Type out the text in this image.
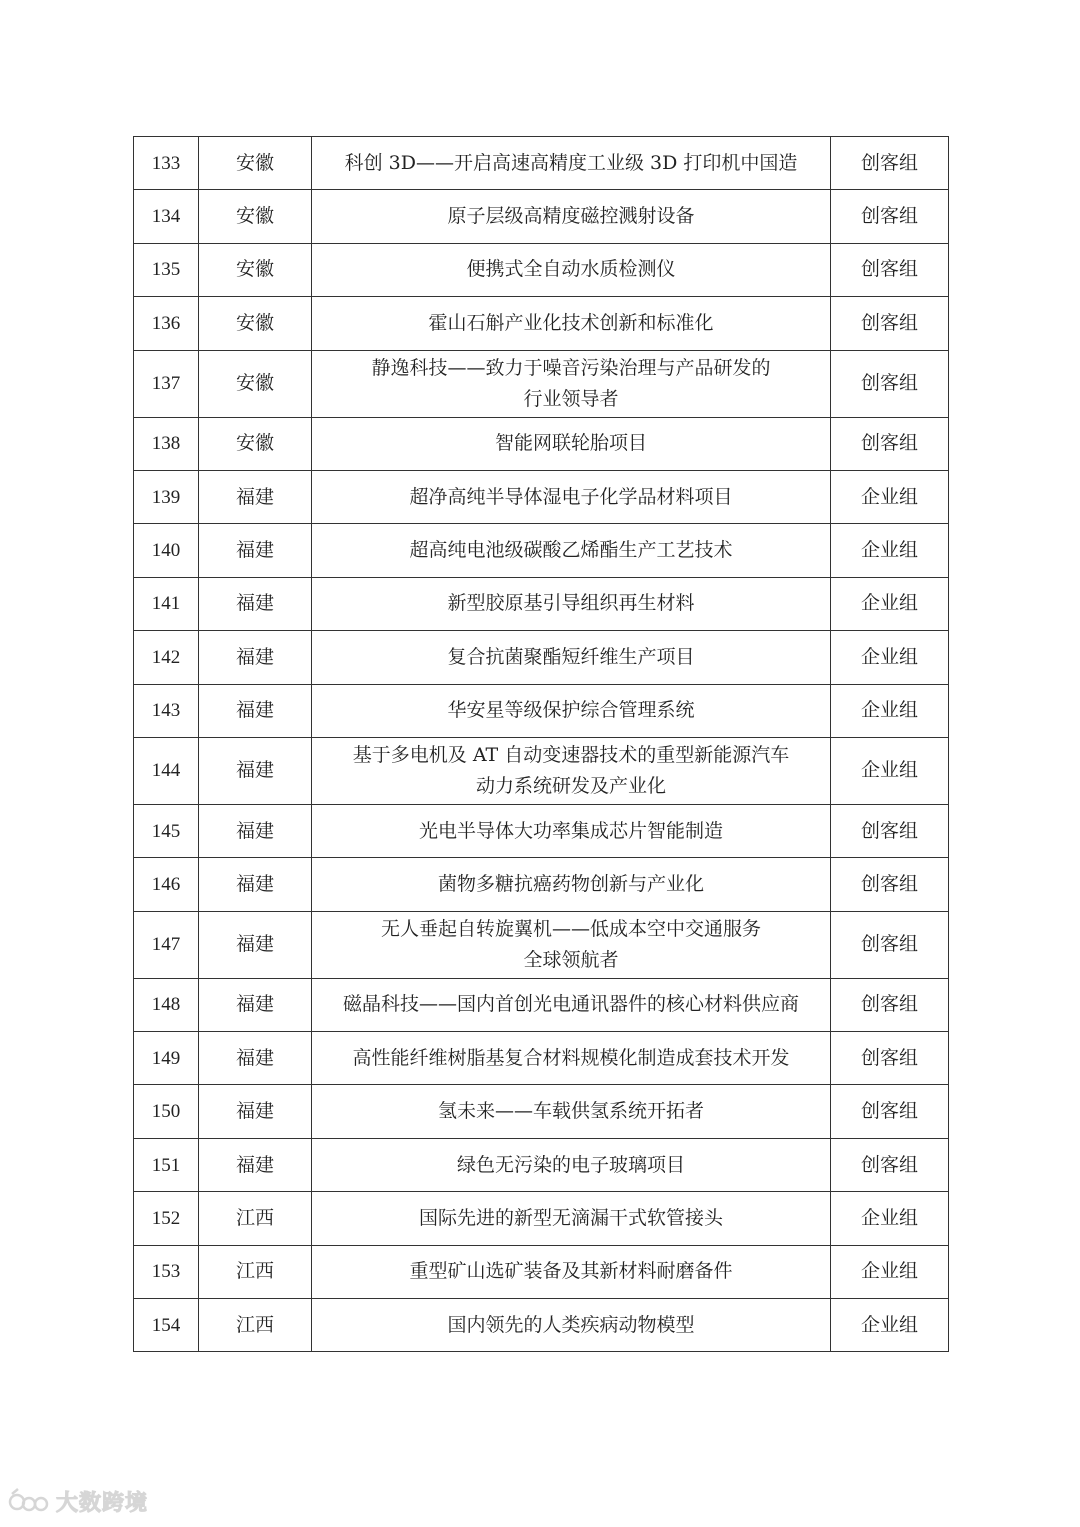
133	安徽	科创 3D——开启高速高精度工业级 3D 打印机中国造	创客组
134	安徽	原子层级高精度磁控溅射设备	创客组
135	安徽	便携式全自动水质检测仪	创客组
136	安徽	霍山石斛产业化技术创新和标准化	创客组
137	安徽	静逸科技——致力于噪音污染治理与产品研发的
行业领导者	创客组
138	安徽	智能网联轮胎项目	创客组
139	福建	超净高纯半导体湿电子化学品材料项目	企业组
140	福建	超高纯电池级碳酸乙烯酯生产工艺技术	企业组
141	福建	新型胶原基引导组织再生材料	企业组
142	福建	复合抗菌聚酯短纤维生产项目	企业组
143	福建	华安星等级保护综合管理系统	企业组
144	福建	基于多电机及 AT 自动变速器技术的重型新能源汽车
动力系统研发及产业化	企业组
145	福建	光电半导体大功率集成芯片智能制造	创客组
146	福建	菌物多糖抗癌药物创新与产业化	创客组
147	福建	无人垂起自转旋翼机——低成本空中交通服务
全球领航者	创客组
148	福建	磁晶科技——国内首创光电通讯器件的核心材料供应商	创客组
149	福建	高性能纤维树脂基复合材料规模化制造成套技术开发	创客组
150	福建	氢未来——车载供氢系统开拓者	创客组
151	福建	绿色无污染的电子玻璃项目	创客组
152	江西	国际先进的新型无滴漏干式软管接头	企业组
153	江西	重型矿山选矿装备及其新材料耐磨备件	企业组
154	江西	国内领先的人类疾病动物模型	企业组
大数跨境
